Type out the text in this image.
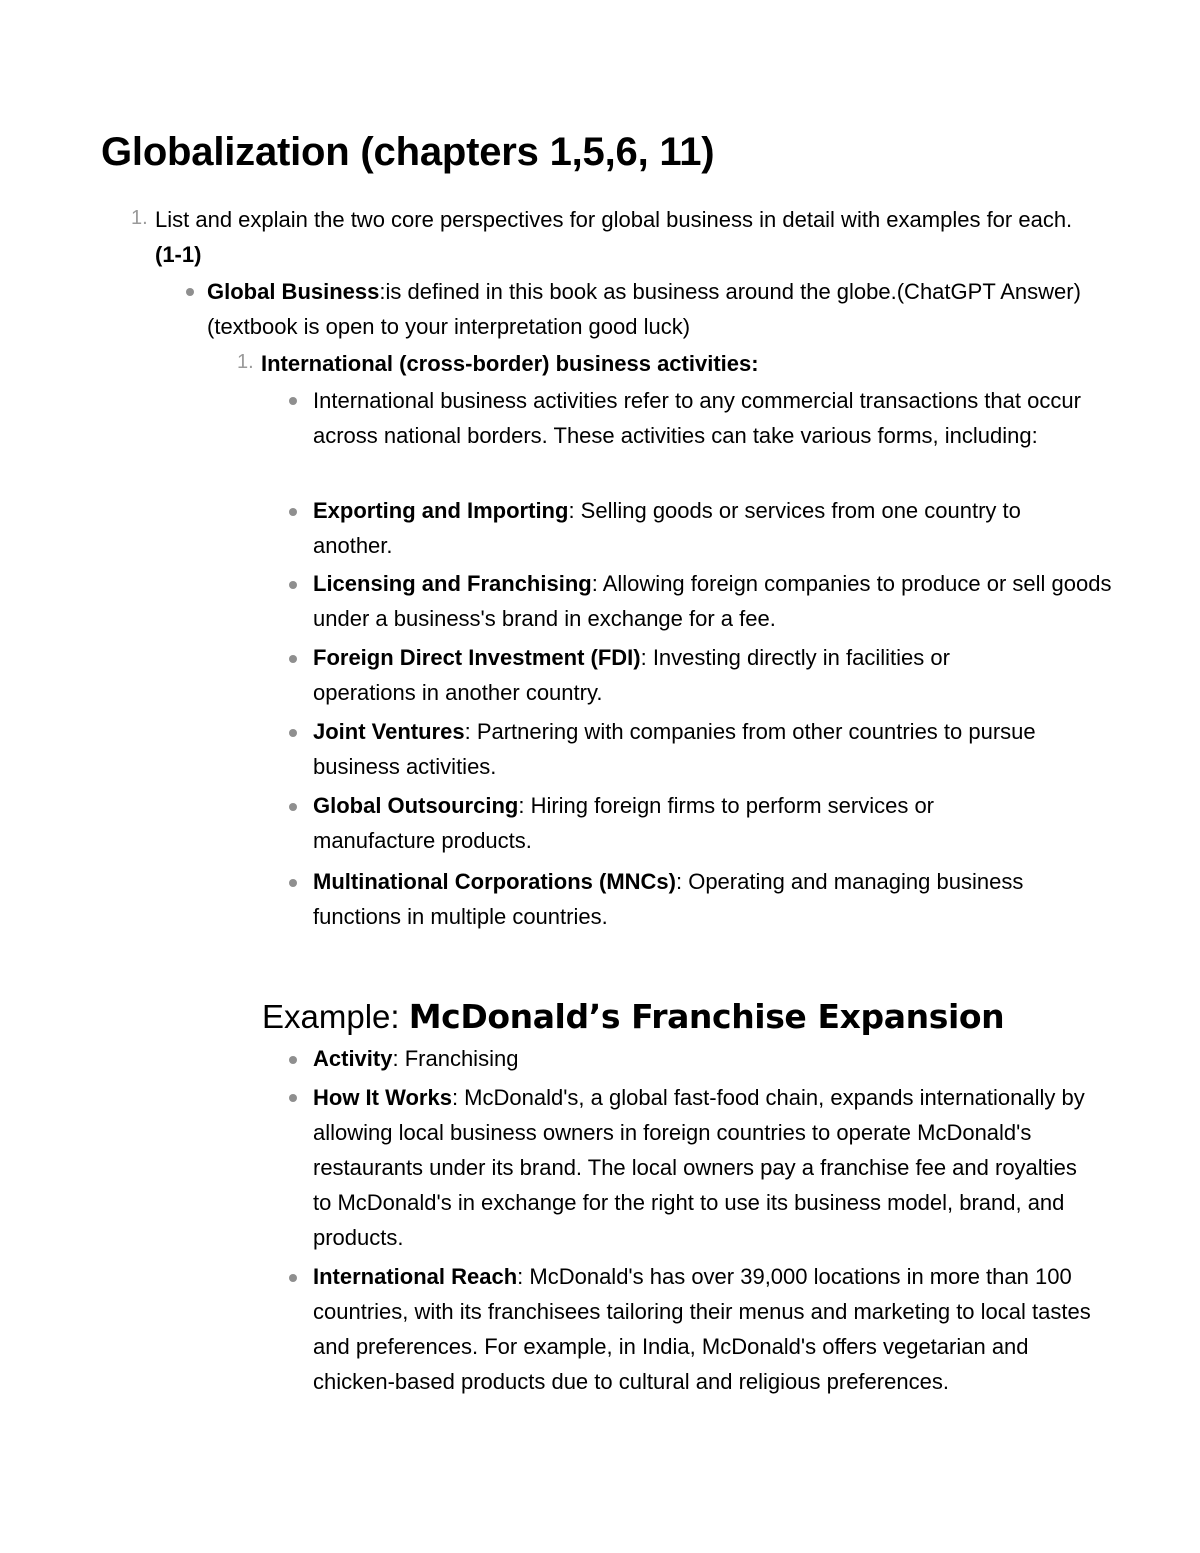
Globalization (chapters 1,5,6, 11)
1. List and explain the two core perspectives for global business in detail with examples for each. (1-1)

Global Business:is defined in this book as business around the globe.(ChatGPT Answer) (textbook is open to your interpretation good luck)

1. International (cross-border) business activities:

International business activities refer to any commercial transactions that occur across national borders. These activities can take various forms, including:

Exporting and Importing: Selling goods or services from one country to another.

Licensing and Franchising: Allowing foreign companies to produce or sell goods under a business's brand in exchange for a fee.

Foreign Direct Investment (FDI): Investing directly in facilities or operations in another country.

Joint Ventures: Partnering with companies from other countries to pursue business activities.

Global Outsourcing: Hiring foreign firms to perform services or manufacture products.

Multinational Corporations (MNCs): Operating and managing business functions in multiple countries.

Example: McDonald’s Franchise Expansion

Activity: Franchising

How It Works: McDonald's, a global fast-food chain, expands internationally by allowing local business owners in foreign countries to operate McDonald's restaurants under its brand. The local owners pay a franchise fee and royalties to McDonald's in exchange for the right to use its business model, brand, and products.

International Reach: McDonald's has over 39,000 locations in more than 100 countries, with its franchisees tailoring their menus and marketing to local tastes and preferences. For example, in India, McDonald's offers vegetarian and chicken-based products due to cultural and religious preferences.
